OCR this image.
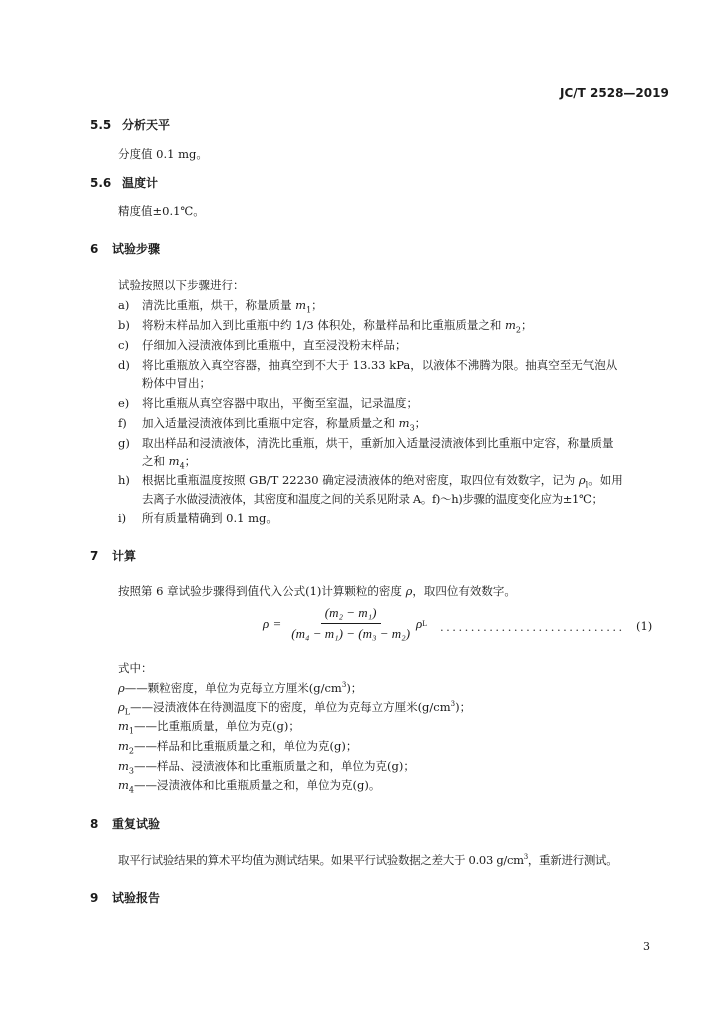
JC/T 2528—2019
5.5 分析天平
分度值 0.1 mg。
5.6 温度计
精度值±0.1℃。
6 试验步骤
试验按照以下步骤进行：
a) 清洗比重瓶，烘干，称量质量 $m_1$；
b) 将粉末样品加入到比重瓶中约 1/3 体积处，称量样品和比重瓶质量之和 $m_2$；
c) 仔细加入浸渍液体到比重瓶中，直至浸没粉末样品；
d) 将比重瓶放入真空容器，抽真空到不大于 13.33 kPa，以液体不沸腾为限。抽真空至无气泡从
粉体中冒出；
e) 将比重瓶从真空容器中取出，平衡至室温，记录温度；
f) 加入适量浸渍液体到比重瓶中定容，称量质量之和 $m_3$；
g) 取出样品和浸渍液体，清洗比重瓶，烘干，重新加入适量浸渍液体到比重瓶中定容，称量质量
之和 $m_4$；
h) 根据比重瓶温度按照 GB/T 22230 确定浸渍液体的绝对密度，取四位有效数字，记为 $\rho_l$。如用
去离子水做浸渍液体，其密度和温度之间的关系见附录 A。f)～h)步骤的温度变化应为±1℃；
i) 所有质量精确到 0.1 mg。
7 计算
按照第 6 章试验步骤得到值代入公式(1)计算颗粒的密度 ρ，取四位有效数字。
$\rho = \frac{\text{(m₂ − m₁)}}{\text{(m₄ − m₁) − (m₃ − m₂)}}$ ρ L .............................. (1)
式中：
ρ——颗粒密度，单位为克每立方厘米$(g/cm^3)$；
$\rho_L——$浸渍液体在待测温度下的密度，单位为克每立方厘米$(g/cm^3)$；
$m_1——$比重瓶质量，单位为克(g)；
$m_2——$样品和比重瓶质量之和，单位为克(g)；
$m_3——$样品、浸渍液体和比重瓶质量之和，单位为克(g)；
$m_4——$浸渍液体和比重瓶质量之和，单位为克(g)。
8 重复试验
取平行试验结果的算术平均值为测试结果。如果平行试验数据之差大于 0.03 $g/cm^3$，重新进行测试。
9 试验报告
3
